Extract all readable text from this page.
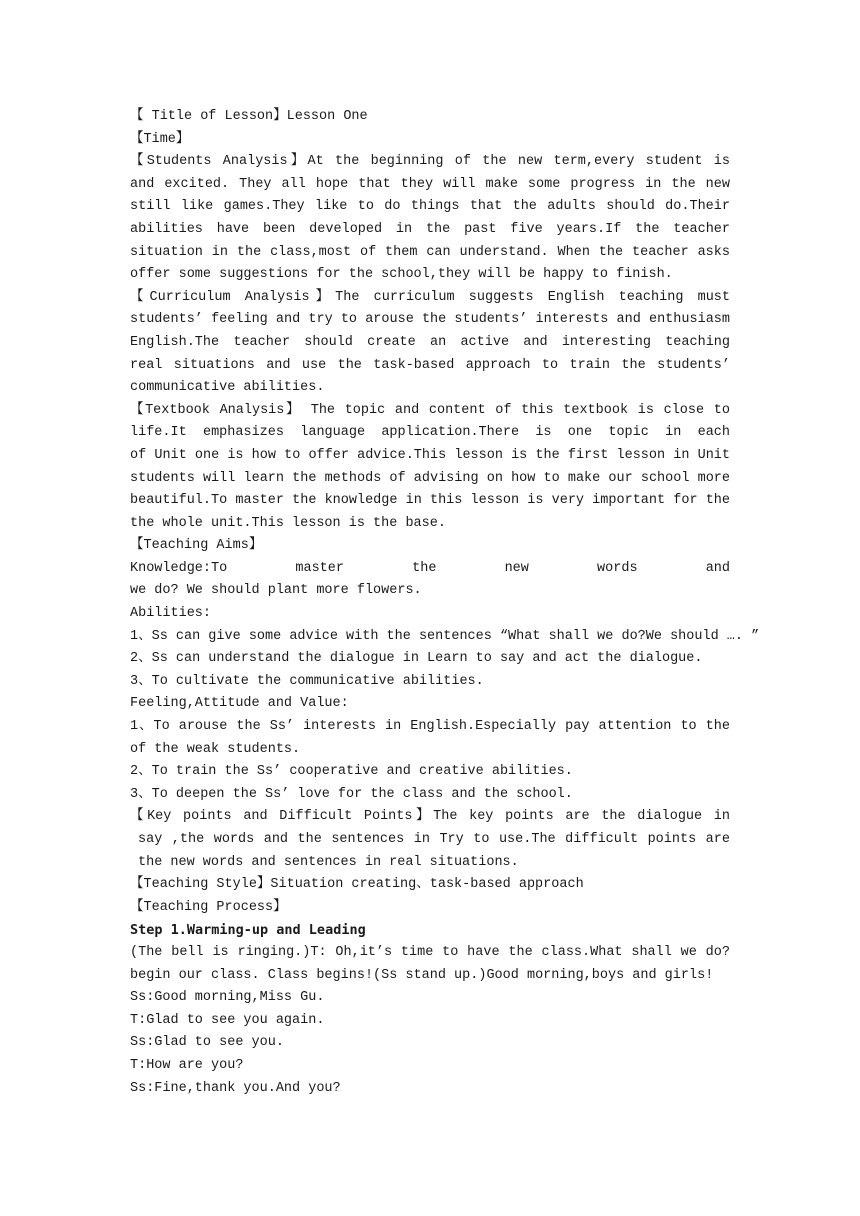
【 Title of Lesson】Lesson One
【Time】
【Students Analysis】At the beginning of the new term,every student is
and excited. They all hope that they will make some progress in the new
still like games.They like to do things that the adults should do.Their
abilities have been developed in the past five years.If the teacher
situation in the class,most of them can understand. When the teacher asks
offer some suggestions for the school,they will be happy to finish.
【Curriculum Analysis】The curriculum suggests English teaching must
students’ feeling and try to arouse the students’ interests and enthusiasm
English.The teacher should create an active and interesting teaching
real situations and use the task-based approach to train the students’
communicative abilities.
【Textbook Analysis】 The topic and content of this textbook is close to
life.It emphasizes language application.There is one topic in each
of Unit one is how to offer advice.This lesson is the first lesson in Unit
students will learn the methods of advising on how to make our school more
beautiful.To master the knowledge in this lesson is very important for the
the whole unit.This lesson is the base.
【Teaching Aims】
Knowledge:To master the new words and
we do? We should plant more flowers.
Abilities:
1、Ss can give some advice with the sentences “What shall we do?We should …. ”
2、Ss can understand the dialogue in Learn to say and act the dialogue.
3、To cultivate the communicative abilities.
Feeling,Attitude and Value:
1、To arouse the Ss’ interests in English.Especially pay attention to the
of the weak students.
2、To train the Ss’ cooperative and creative abilities.
3、To deepen the Ss’ love for the class and the school.
【Key points and Difficult Points】The key points are the dialogue in
say ,the words and the sentences in Try to use.The difficult points are
the new words and sentences in real situations.
【Teaching Style】Situation creating、task-based approach
【Teaching Process】
Step 1.Warming-up and Leading
(The bell is ringing.)T: Oh,it’s time to have the class.What shall we do?
begin our class. Class begins!(Ss stand up.)Good morning,boys and girls!
Ss:Good morning,Miss Gu.
T:Glad to see you again.
Ss:Glad to see you.
T:How are you?
Ss:Fine,thank you.And you?
